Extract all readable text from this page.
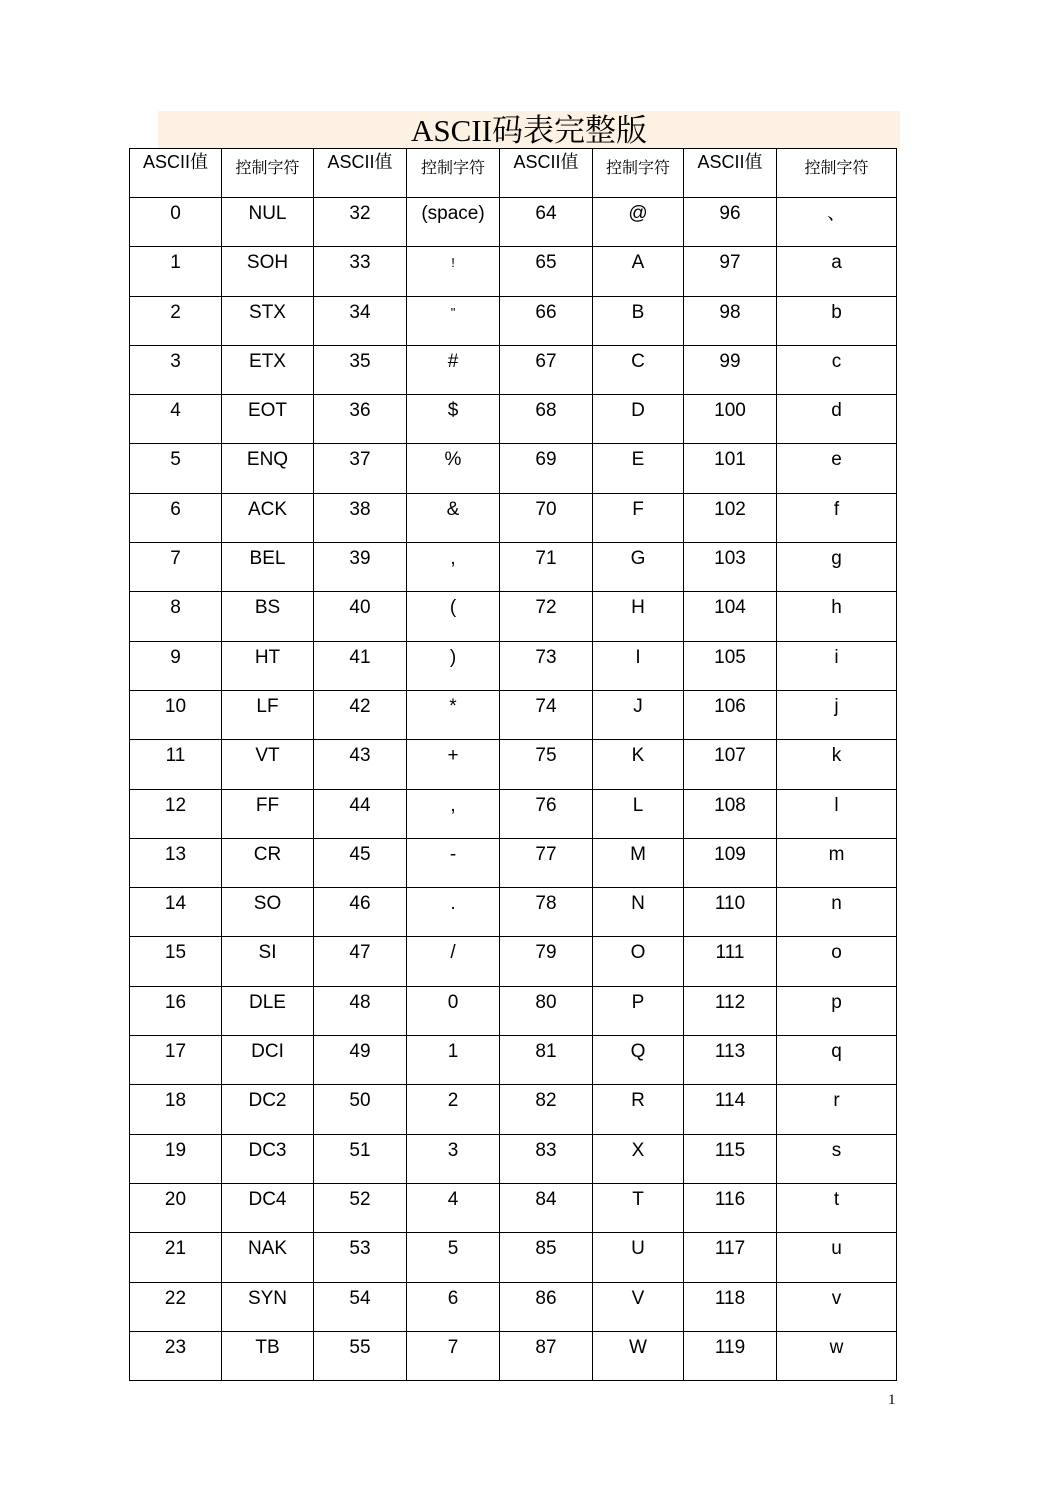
ASCII码表完整版
ASCII值	控制字符	ASCII值	控制字符	ASCII值	控制字符	ASCII值	控制字符
0	NUL	32	(space)	64	@	96	、
1	SOH	33	!	65	A	97	a
2	STX	34	"	66	B	98	b
3	ETX	35	#	67	C	99	c
4	EOT	36	$	68	D	100	d
5	ENQ	37	%	69	E	101	e
6	ACK	38	&	70	F	102	f
7	BEL	39	,	71	G	103	g
8	BS	40	(	72	H	104	h
9	HT	41	)	73	I	105	i
10	LF	42	*	74	J	106	j
11	VT	43	+	75	K	107	k
12	FF	44	,	76	L	108	l
13	CR	45	-	77	M	109	m
14	SO	46	.	78	N	110	n
15	SI	47	/	79	O	111	o
16	DLE	48	0	80	P	112	p
17	DCI	49	1	81	Q	113	q
18	DC2	50	2	82	R	114	r
19	DC3	51	3	83	X	115	s
20	DC4	52	4	84	T	116	t
21	NAK	53	5	85	U	117	u
22	SYN	54	6	86	V	118	v
23	TB	55	7	87	W	119	w
1
